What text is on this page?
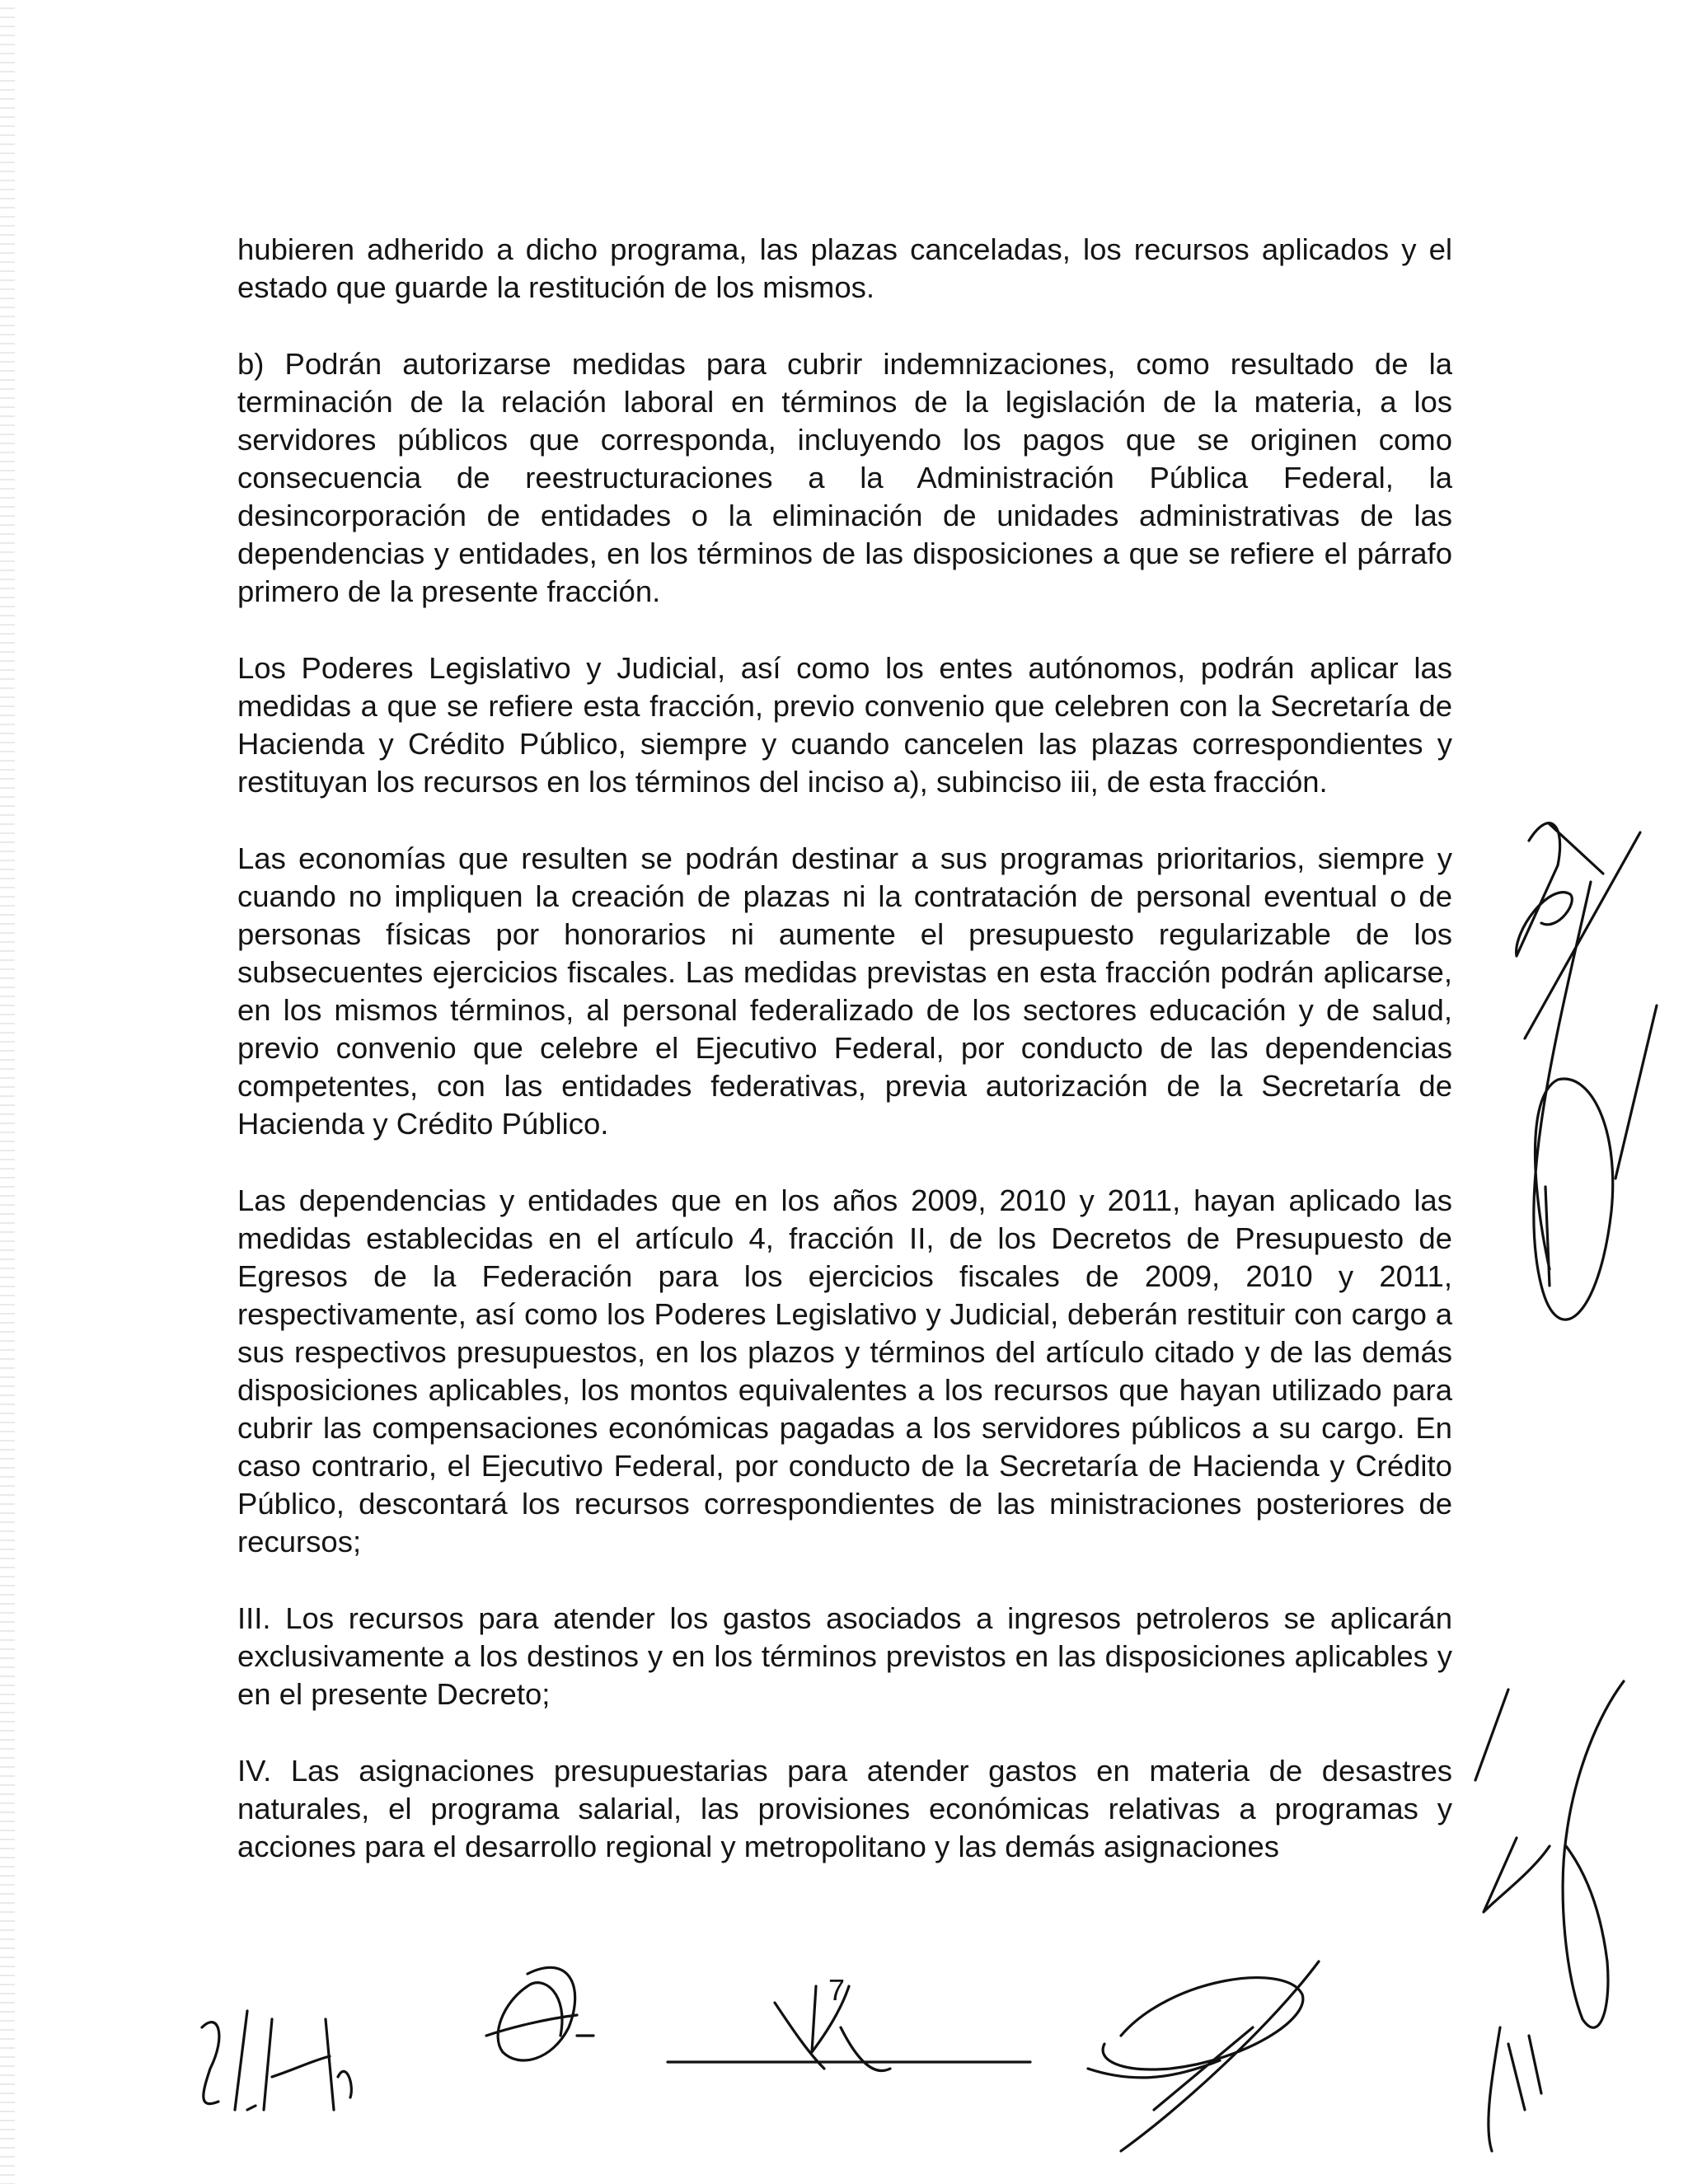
hubieren adherido a dicho programa, las plazas canceladas, los recursos aplicados y el estado que guarde la restitución de los mismos.

b) Podrán autorizarse medidas para cubrir indemnizaciones, como resultado de la terminación de la relación laboral en términos de la legislación de la materia, a los servidores públicos que corresponda, incluyendo los pagos que se originen como consecuencia de reestructuraciones a la Administración Pública Federal, la desincorporación de entidades o la eliminación de unidades administrativas de las dependencias y entidades, en los términos de las disposiciones a que se refiere el párrafo primero de la presente fracción.

Los Poderes Legislativo y Judicial, así como los entes autónomos, podrán aplicar las medidas a que se refiere esta fracción, previo convenio que celebren con la Secretaría de Hacienda y Crédito Público, siempre y cuando cancelen las plazas correspondientes y restituyan los recursos en los términos del inciso a), subinciso iii, de esta fracción.

Las economías que resulten se podrán destinar a sus programas prioritarios, siempre y cuando no impliquen la creación de plazas ni la contratación de personal eventual o de personas físicas por honorarios ni aumente el presupuesto regularizable de los subsecuentes ejercicios fiscales. Las medidas previstas en esta fracción podrán aplicarse, en los mismos términos, al personal federalizado de los sectores educación y de salud, previo convenio que celebre el Ejecutivo Federal, por conducto de las dependencias competentes, con las entidades federativas, previa autorización de la Secretaría de Hacienda y Crédito Público.

Las dependencias y entidades que en los años 2009, 2010 y 2011, hayan aplicado las medidas establecidas en el artículo 4, fracción II, de los Decretos de Presupuesto de Egresos de la Federación para los ejercicios fiscales de 2009, 2010 y 2011, respectivamente, así como los Poderes Legislativo y Judicial, deberán restituir con cargo a sus respectivos presupuestos, en los plazos y términos del artículo citado y de las demás disposiciones aplicables, los montos equivalentes a los recursos que hayan utilizado para cubrir las compensaciones económicas pagadas a los servidores públicos a su cargo. En caso contrario, el Ejecutivo Federal, por conducto de la Secretaría de Hacienda y Crédito Público, descontará los recursos correspondientes de las ministraciones posteriores de recursos;

III. Los recursos para atender los gastos asociados a ingresos petroleros se aplicarán exclusivamente a los destinos y en los términos previstos en las disposiciones aplicables y en el presente Decreto;

IV. Las asignaciones presupuestarias para atender gastos en materia de desastres naturales, el programa salarial, las provisiones económicas relativas a programas y acciones para el desarrollo regional y metropolitano y las demás asignaciones

7
